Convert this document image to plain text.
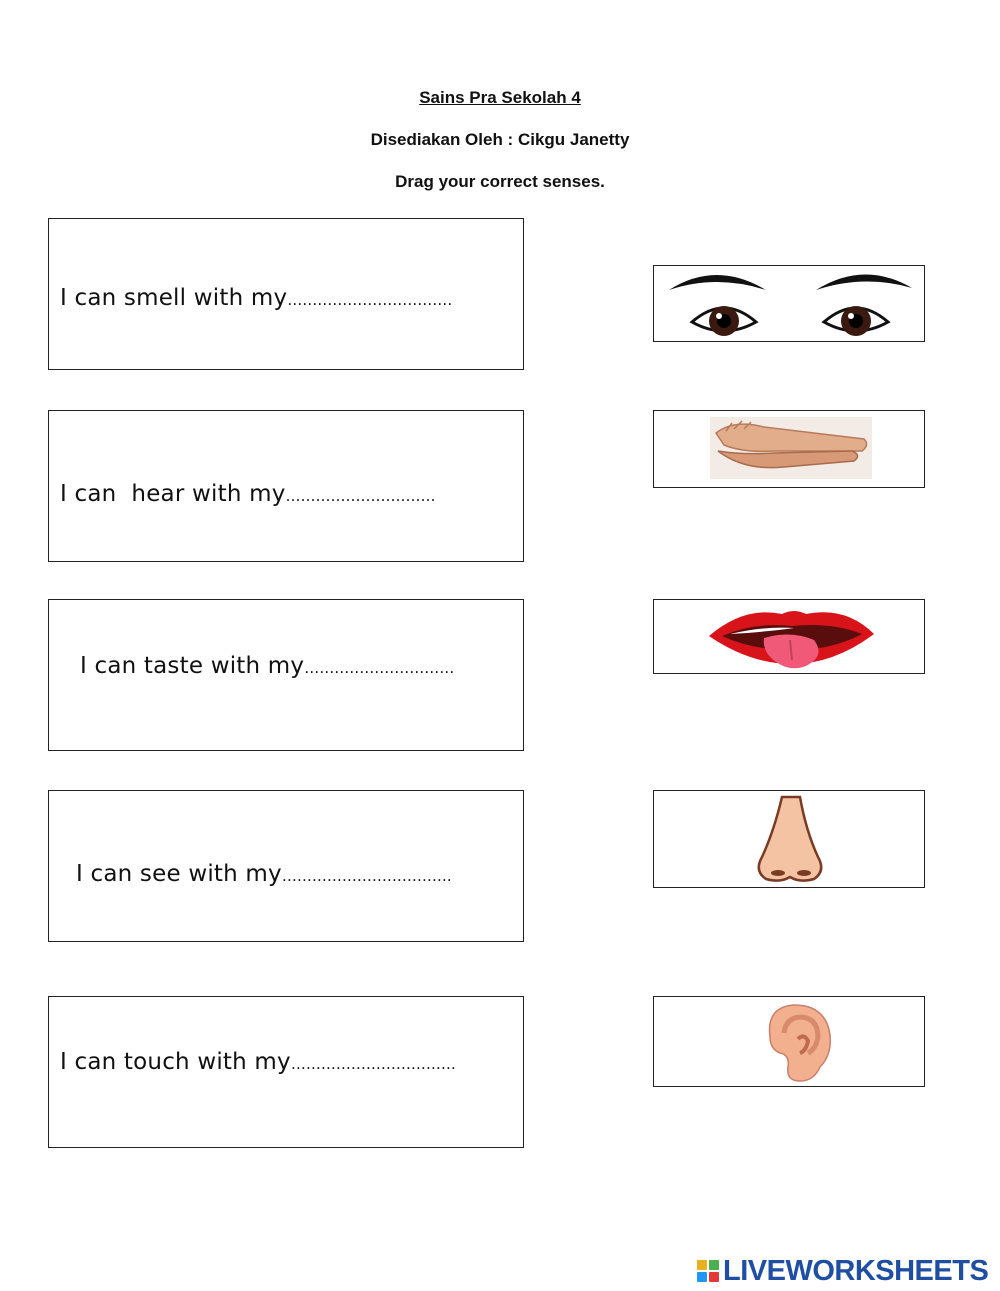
Sains Pra Sekolah 4
Disediakan Oleh : Cikgu Janetty
Drag your correct senses.
I can smell with my……………………………
I can  hear with my…………………………
I can taste with my…………………………
I can see with my…………………………….
I can touch with my……………………………
LIVEWORKSHEETS
